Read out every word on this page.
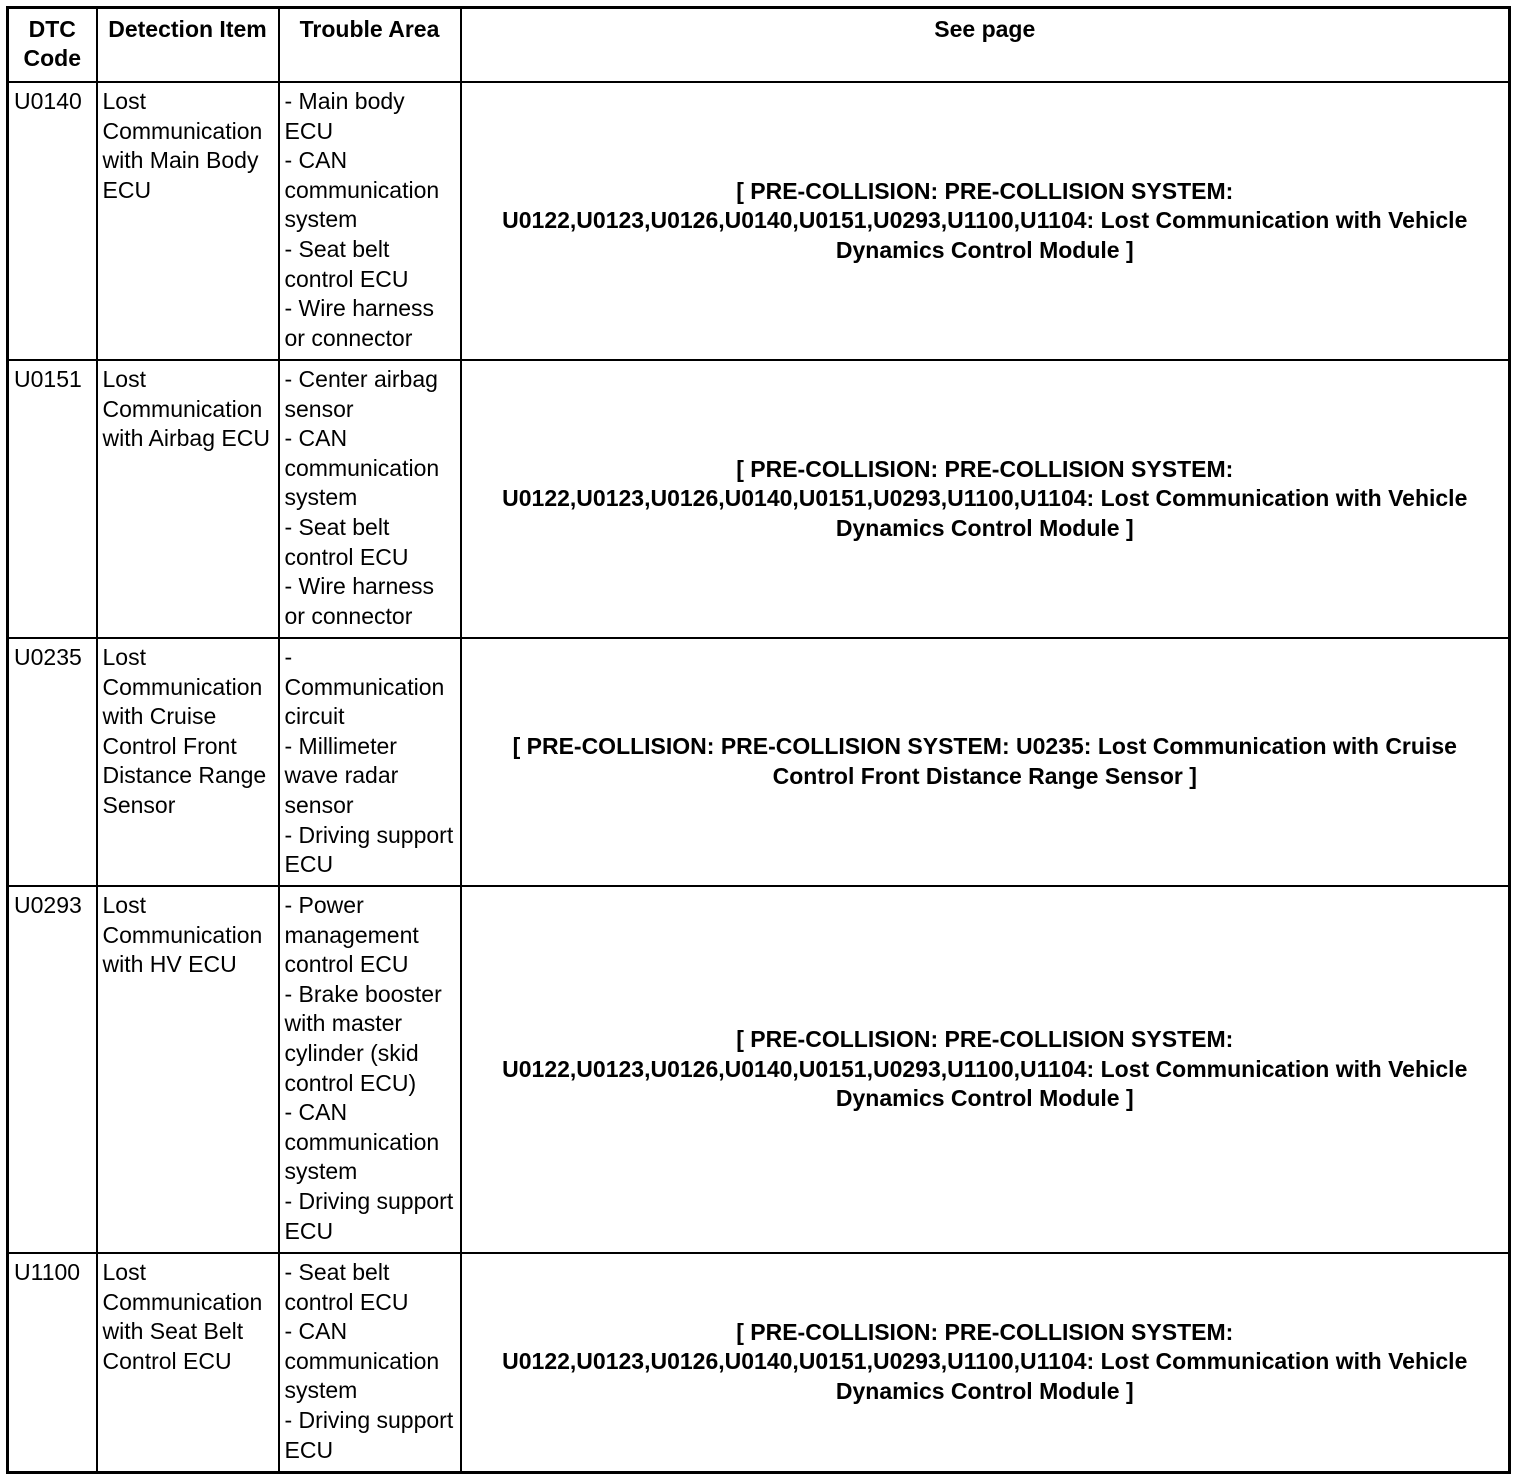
DTC Code	Detection Item	Trouble Area	See page
U0140	Lost Communication with Main Body ECU	- Main body ECU
- CAN communication system
- Seat belt control ECU
- Wire harness or connector	[ PRE-COLLISION: PRE-COLLISION SYSTEM: U0122,U0123,U0126,U0140,U0151,U0293,U1100,U1104: Lost Communication with Vehicle Dynamics Control Module ]
U0151	Lost Communication with Airbag ECU	- Center airbag sensor
- CAN communication system
- Seat belt control ECU
- Wire harness or connector	[ PRE-COLLISION: PRE-COLLISION SYSTEM: U0122,U0123,U0126,U0140,U0151,U0293,U1100,U1104: Lost Communication with Vehicle Dynamics Control Module ]
U0235	Lost Communication with Cruise Control Front Distance Range Sensor	- Communication circuit
- Millimeter wave radar sensor
- Driving support ECU	[ PRE-COLLISION: PRE-COLLISION SYSTEM: U0235: Lost Communication with Cruise Control Front Distance Range Sensor ]
U0293	Lost Communication with HV ECU	- Power management control ECU
- Brake booster with master cylinder (skid control ECU)
- CAN communication system
- Driving support ECU	[ PRE-COLLISION: PRE-COLLISION SYSTEM: U0122,U0123,U0126,U0140,U0151,U0293,U1100,U1104: Lost Communication with Vehicle Dynamics Control Module ]
U1100	Lost Communication with Seat Belt Control ECU	- Seat belt control ECU
- CAN communication system
- Driving support ECU	[ PRE-COLLISION: PRE-COLLISION SYSTEM: U0122,U0123,U0126,U0140,U0151,U0293,U1100,U1104: Lost Communication with Vehicle Dynamics Control Module ]
